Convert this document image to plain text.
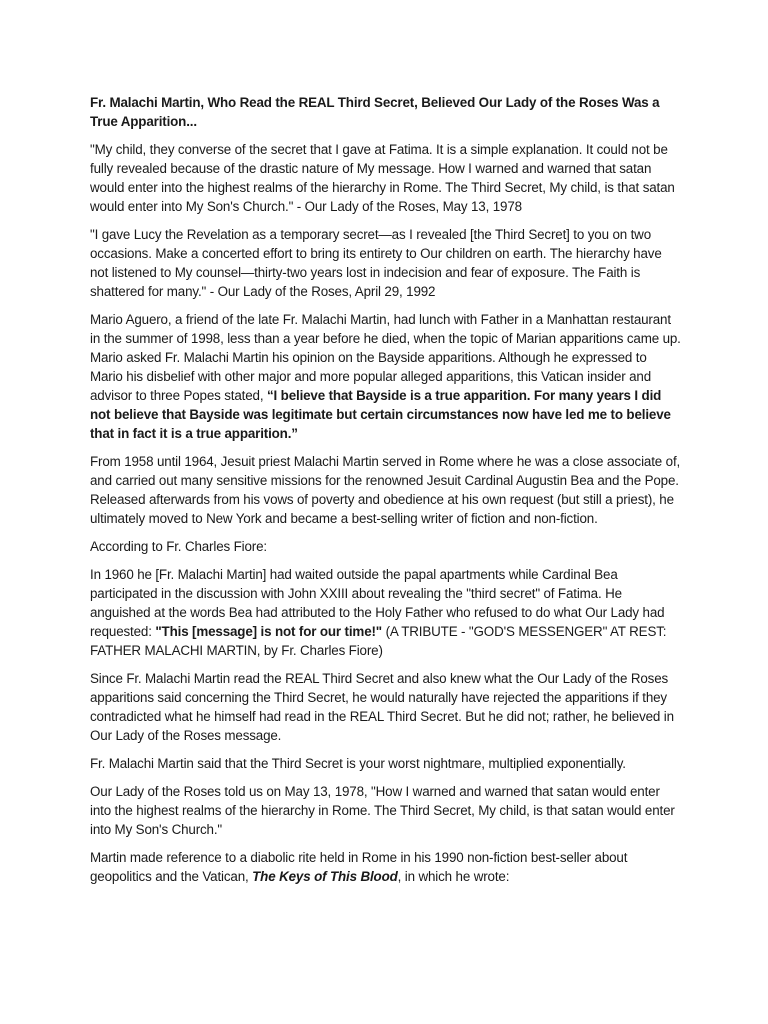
Fr. Malachi Martin, Who Read the REAL Third Secret, Believed Our Lady of the Roses Was a True Apparition...

"My child, they converse of the secret that I gave at Fatima. It is a simple explanation. It could not be fully revealed because of the drastic nature of My message. How I warned and warned that satan would enter into the highest realms of the hierarchy in Rome. The Third Secret, My child, is that satan would enter into My Son's Church." - Our Lady of the Roses, May 13, 1978

"I gave Lucy the Revelation as a temporary secret—as I revealed [the Third Secret] to you on two occasions. Make a concerted effort to bring its entirety to Our children on earth. The hierarchy have not listened to My counsel—thirty-two years lost in indecision and fear of exposure. The Faith is shattered for many." - Our Lady of the Roses, April 29, 1992

Mario Aguero, a friend of the late Fr. Malachi Martin, had lunch with Father in a Manhattan restaurant in the summer of 1998, less than a year before he died, when the topic of Marian apparitions came up. Mario asked Fr. Malachi Martin his opinion on the Bayside apparitions. Although he expressed to Mario his disbelief with other major and more popular alleged apparitions, this Vatican insider and advisor to three Popes stated, “I believe that Bayside is a true apparition. For many years I did not believe that Bayside was legitimate but certain circumstances now have led me to believe that in fact it is a true apparition.”

From 1958 until 1964, Jesuit priest Malachi Martin served in Rome where he was a close associate of, and carried out many sensitive missions for the renowned Jesuit Cardinal Augustin Bea and the Pope. Released afterwards from his vows of poverty and obedience at his own request (but still a priest), he ultimately moved to New York and became a best-selling writer of fiction and non-fiction.

According to Fr. Charles Fiore:

In 1960 he [Fr. Malachi Martin] had waited outside the papal apartments while Cardinal Bea participated in the discussion with John XXIII about revealing the "third secret" of Fatima. He anguished at the words Bea had attributed to the Holy Father who refused to do what Our Lady had requested: "This [message] is not for our time!" (A TRIBUTE - "GOD'S MESSENGER" AT REST: FATHER MALACHI MARTIN, by Fr. Charles Fiore)

Since Fr. Malachi Martin read the REAL Third Secret and also knew what the Our Lady of the Roses apparitions said concerning the Third Secret, he would naturally have rejected the apparitions if they contradicted what he himself had read in the REAL Third Secret. But he did not; rather, he believed in Our Lady of the Roses message.

Fr. Malachi Martin said that the Third Secret is your worst nightmare, multiplied exponentially.

Our Lady of the Roses told us on May 13, 1978, "How I warned and warned that satan would enter into the highest realms of the hierarchy in Rome. The Third Secret, My child, is that satan would enter into My Son's Church."

Martin made reference to a diabolic rite held in Rome in his 1990 non-fiction best-seller about geopolitics and the Vatican, The Keys of This Blood, in which he wrote:
